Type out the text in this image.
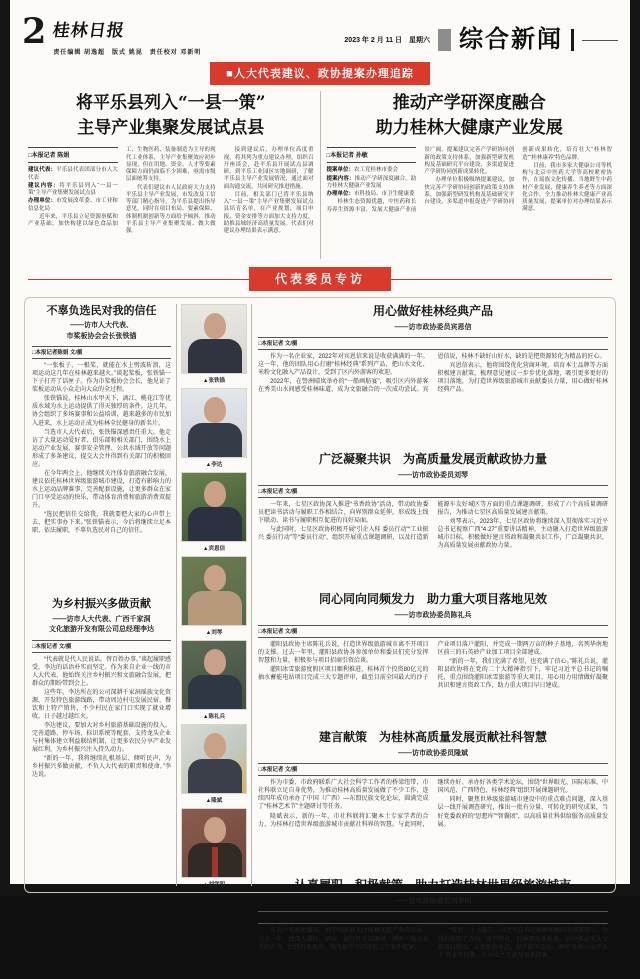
2 桂林日报
责任编辑 胡逸超　版式 姚昆　责任校对 邓新明
2023 年 2 月 11 日　星期六 综合新闻
■人大代表建议、政协提案办理追踪
将平乐县列入“一县一策”
主导产业集聚发展试点县
□本报记者 陈娟

建议代表：平乐县代表团部分市人大代表

建议内容：将平乐县列入“一县一策”主导产业集聚发展试点县

办理单位：市发展改革委、市工业和信息化局

近年来，平乐县立足资源禀赋和产业基础，加快构建以绿色食品加工、生物医药、装备制造为主导的现代工业体系，主导产业集聚效应初步显现，但在用地、资金、人才等要素保障方面仍面临不少困难，亟需市级层面统筹支持。

代表们建议市人民政府大力支持平乐县主导产业发展，市发改及工信等部门精心指导，为平乐县提出指导意见，同时在项目布局、要素保障、体制机制创新等方面给予倾斜，推动平乐县主导产业集聚发展、做大做强。

接到建议后，办理单位高度重视，将其列为重点建议办理，组织召开座谈会，赴平乐县开展试点县调研，到平乐工业园区实地调研，了解平乐县主导产业发展情况，通过面对面沟通交流，共同研究推进措施。

目前，相关部门已将平乐县纳入“一县一策”主导产业集聚发展试点县培育名单，在产业规划、项目申报、资金安排等方面加大支持力度，助推县域经济高质量发展。代表们对建议办理结果表示满意。

推动产学研深度融合
助力桂林大健康产业发展
□本报记者 孙敏

提案单位：农工党桂林市委会

提案内容：推动产学研深度融合，助力桂林大健康产业发展

办理单位：市科技局、市卫生健康委

桂林生态资源优越，中医药和长寿养生资源丰富，发展大健康产业前景广阔。提案建议完善产学研协同创新的政策支持体系，加强新型研发机构及基础研究平台建设，多渠道促进产学研协同创新成果转化。

办理单位积极吸纳提案建议，加快完善产学研协同创新的政策支持体系，加强新型研发机构及基础研究平台建设，多渠道申报促进产学研协同创新成果转化，培育壮大“桂林智造”“桂林康养”特色品牌。

目前，我市多家大健康公司等机构与北京中医药大学等高校紧密协作，在瑶族文化传播、当地野生中药材产业发展、健康养生养老等方面深化合作，全力推动桂林大健康产业高质量发展，提案单位对办理结果表示满意。

代表委员专访
不辜负选民对我的信任
——访市人大代表、
市桨板协会会长张铁锚
□本报记者陈娟 文/摄

“一张板子、一根桨，就能在水上劈波斩浪，这项运动这几年在桂林越来越火。”谈起桨板，张铁锚一下子打开了话匣子。作为市桨板协会会长，他见证了桨板运动从小众走向大众的全过程。

张铁锚说，桂林山水甲天下，漓江、桃花江等优质水域为水上运动提供了得天独厚的条件。这几年，协会组织了多场赛事和公益培训，越来越多的市民加入进来，水上运动正成为桂林全民健身的新名片。

当选市人大代表后，张铁锚深感责任重大。他走访了大量运动爱好者、俱乐部和相关部门，围绕水上运动产业发展、赛事安全管理、公共水域开放等问题形成了多条建议，提交大会并得到有关部门的积极回应。

在今年两会上，他继续关注体育旅游融合发展，建议依托桂林世界级旅游城市建设，打造有影响力的水上运动品牌赛事，完善配套设施，让更多群众在家门口享受运动的快乐，带动体育消费和旅游消费双提升。

“选民把信任交给我，我就要把大家的心声带上去、把实事办下来。”张铁锚表示，今后将继续立足本职、依法履职，不辜负选民对自己的信任。

为乡村振兴多做贡献
——访市人大代表、广西千家洞
文化旅游开发有限公司总经理李达
□本报记者 文/摄

“代表就是代人民说话，替百姓办事。”谈起履职感受，李达的话语朴实而坚定。作为来自企业一线的市人大代表，他始终关注乡村振兴和文旅融合发展，把群众的期盼带到会上。

这些年，李达所在的公司深耕千家洞瑶族文化资源，开发特色旅游线路，带动周边村屯发展民宿、餐饮和土特产销售，不少村民在家门口实现了就业增收，日子越过越红火。

李达建议，要加大对乡村旅游基础设施的投入，完善道路、停车场、标识系统等配套，支持龙头企业与村集体建立利益联结机制，让更多农民分享产业发展红利，为乡村振兴注入持久动力。

“新的一年，我将继续扎根基层、倾听民声，为乡村振兴多做贡献，不负人大代表的职责和使命。”李达说。

▲张铁锚
▲李达
▲宾恩信
▲刘琴
▲陈礼兵
▲隆斌
▲刘学明
用心做好桂林经典产品
——访市政协委员宾恩信
□本报记者 文/摄

作为一名企业家，2022年对宾恩信来说是收获满满的一年。这一年，他的团队用心打磨“桂林经典”系列产品，把山水文化、米粉文化融入产品设计，受到了区内外游客的欢迎。

2022年，在訾洲晴岚举办的“一船画舫宴”，吸引区内外游客在秀美山水间感受桂林味道，成为文旅融合的一次成功尝试。宾恩信说，桂林不缺好山好水，缺的是把资源转化为精品的匠心。

宾恩信表示，他将围绕优化营商环境、培育本土品牌等方面积极建言献策，梳理意见建议一步步优化落地，吸引更多更好的项目落地，为打造世界级旅游城市贡献委员力量，用心做好桂林经典产品。

广泛凝聚共识　为高质量发展贡献政协力量
——访市政协委员刘琴
□本报记者 文/摄

一年来，七星区政协深入推进“书香政协”活动，带动政协委员把读书活动与履职工作相结合，向界别群众延伸，形成线上线下联动、读书与履职相互促进的良好局面。

与此同时，七星区政协积极开展“引企入桂 委员行动”“工业振兴 委员行动”等“委员行动”，组织开展重点课题调研，以及打造新能源车友好城区等方面的重点课题调研，形成了六个高质量调研报告，为推动七星区高质量发展建言献策。

刘琴表示，2023年，七星区政协将继续深入贯彻落实习近平总书记视察广西“4·27”重要讲话精神，主动融入打造世界级旅游城市目标，积极做好建言资政和凝聚共识工作，广泛凝聚共识，为高质量发展贡献政协力量。

同心同向同频发力　助力重大项目落地见效
——访市政协委员陈礼兵
□本报记者 文/摄

灌阳县政协主席陈礼兵说，打造世界级旅游城市离不开项目的支撑。过去一年里，灌阳县政协各参加单位和委员们充分发挥智慧和力量，积极参与项目招商引资洽谈。

灌阳冰雪旅游度假区项目顺利推进，桂林首个投资80亿元的抽水蓄能电站项目完成三大专题评审，截至目前全国最大的沙子产业项目落户灌阳，并完成一期两万亩的种子基地，名列华南地区前三的石英砂产业加工项目全部建成。

“新的一年，我们充满了希望，也充满了信心。”陈礼兵说，灌阳县政协将在党的二十大精神指引下，牢记习近平总书记的嘱托，重点围绕灌阳冰雪旅游等重大项目，用心用力用情做好凝聚共识和建言资政工作，助力重大项目早日建成。

建言献策　为桂林高质量发展贡献社科智慧
——访市政协委员隆斌
□本报记者 文/摄

作为市委、市政府联系广大社会科学工作者的桥梁纽带，市社科联立足自身优势，为推动桂林高质量发展做了不少工作，连续四年成功承办了中国（广西）—东盟民族文化论坛，圆满完成了“桂林艺术节”主题研讨等任务。

隆斌表示，新的一年，市社科联将汇聚本土专家学者的合力，为桂林打造世界级旅游城市贡献社科界的智慧。与此同时，继续办好、承办好各类学术论坛，围绕“世界眼光、国际标准、中国风范、广西特色、桂林经典”组织开展课题研究。

同时，聚焦世界级旅游城市建设中的重点难点问题，深入基层一线开展调查研究，推出一批有分量、可转化的研究成果，当好党委政府的“思想库”“智囊团”，以高质量社科供给服务高质量发展。

认真履职　积极献策　助力打造桂林世界级旅游城市
——访市政协委员刘学明
□本报记者 文/摄

作为一名政协委员，刘学明时刻关注桂林文旅产业的发展。过去一年，他深入景区、酒店、旅行社走访调研，倾听一线从业者的声音，围绕行业复苏、服务提升等问题提交了多件提案。

“党的二十大报告、习近平总书记视察桂林时的重要指示，为我们指明了方向。”刘学明说，桂林要抢抓机遇，加快推进重大文旅项目建设，丰富旅游业态，提升服务品质，擦亮“桂林山水甲天下”的金字招牌，让山水之美惠及更多游客。
